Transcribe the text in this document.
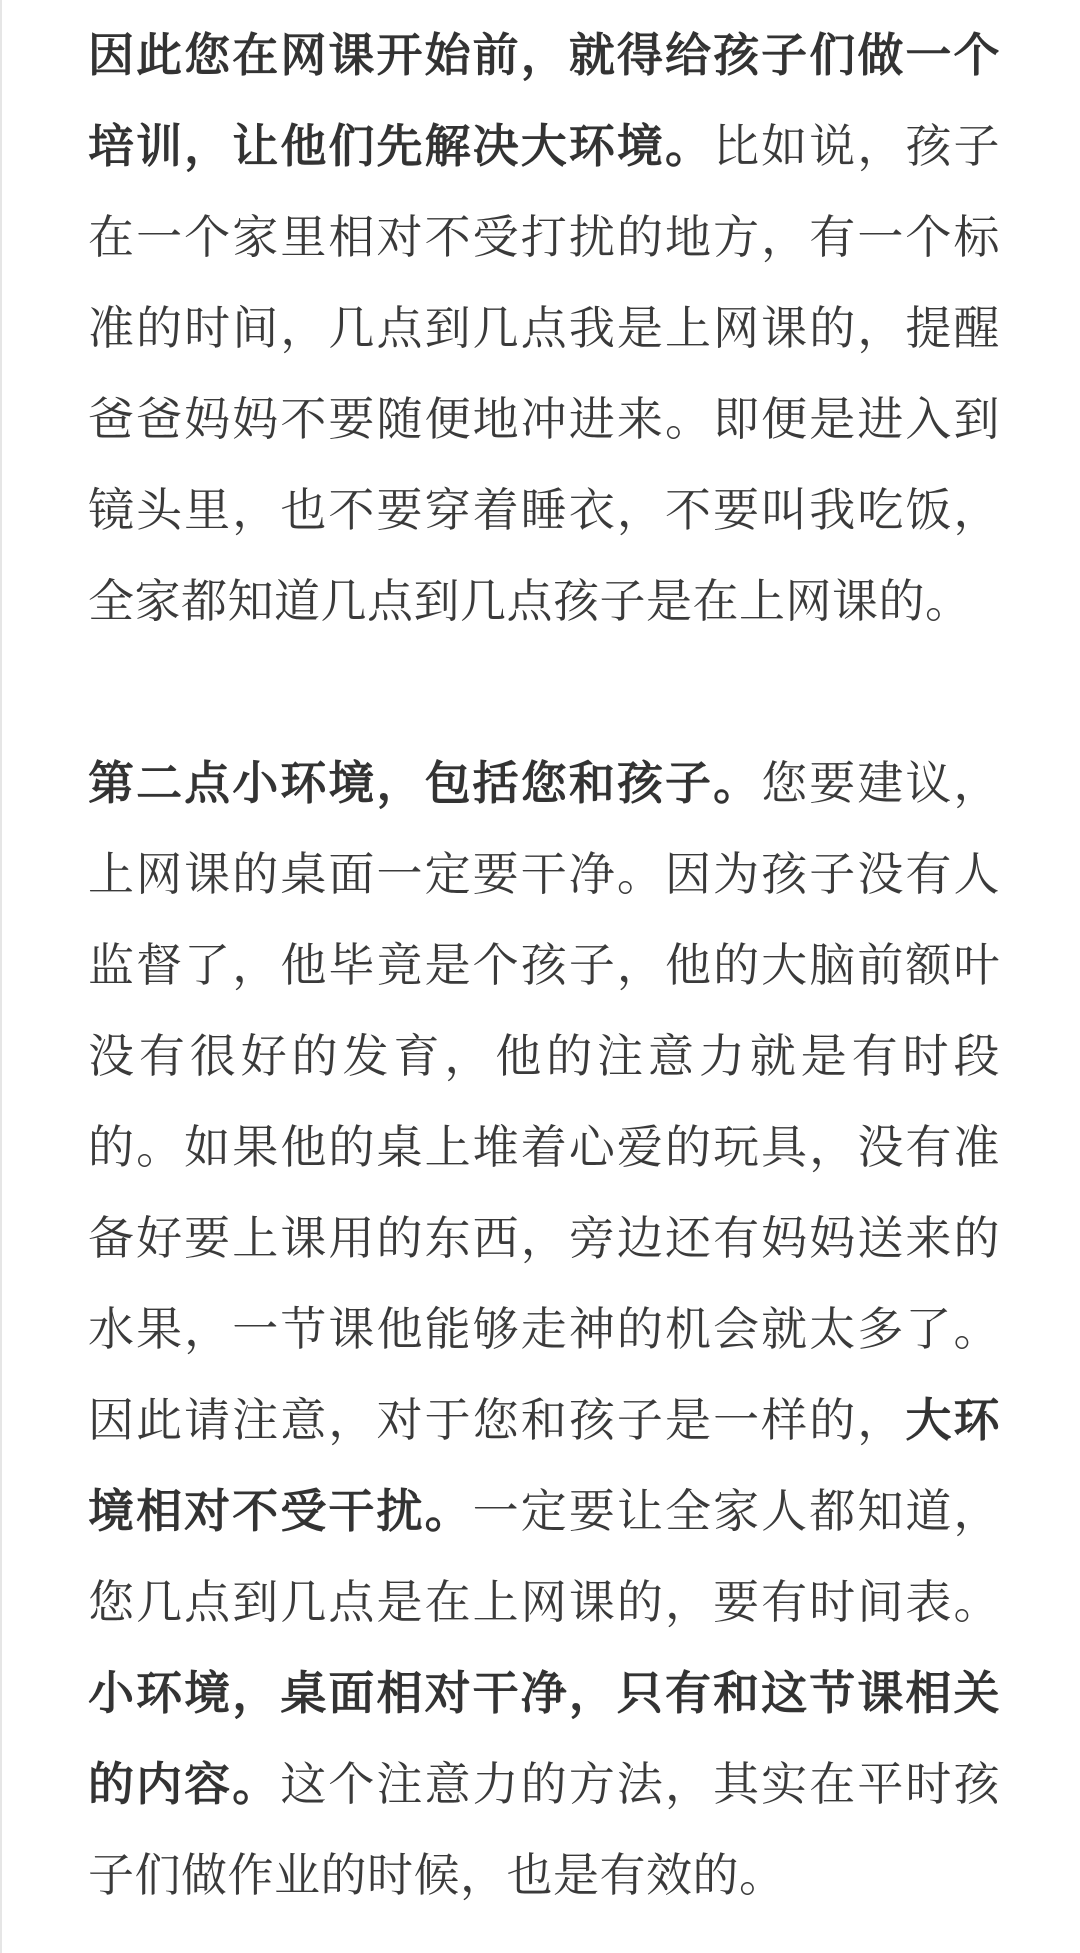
因此您在网课开始前，就得给孩子们做一个培训，让他们先解决大环境。比如说，孩子在一个家里相对不受打扰的地方，有一个标准的时间，几点到几点我是上网课的，提醒爸爸妈妈不要随便地冲进来。即便是进入到镜头里，也不要穿着睡衣，不要叫我吃饭，全家都知道几点到几点孩子是在上网课的。

第二点小环境，包括您和孩子。您要建议，上网课的桌面一定要干净。因为孩子没有人监督了，他毕竟是个孩子，他的大脑前额叶没有很好的发育，他的注意力就是有时段的。如果他的桌上堆着心爱的玩具，没有准备好要上课用的东西，旁边还有妈妈送来的水果，一节课他能够走神的机会就太多了。因此请注意，对于您和孩子是一样的，大环境相对不受干扰。一定要让全家人都知道，您几点到几点是在上网课的，要有时间表。小环境，桌面相对干净，只有和这节课相关的内容。这个注意力的方法，其实在平时孩子们做作业的时候，也是有效的。
